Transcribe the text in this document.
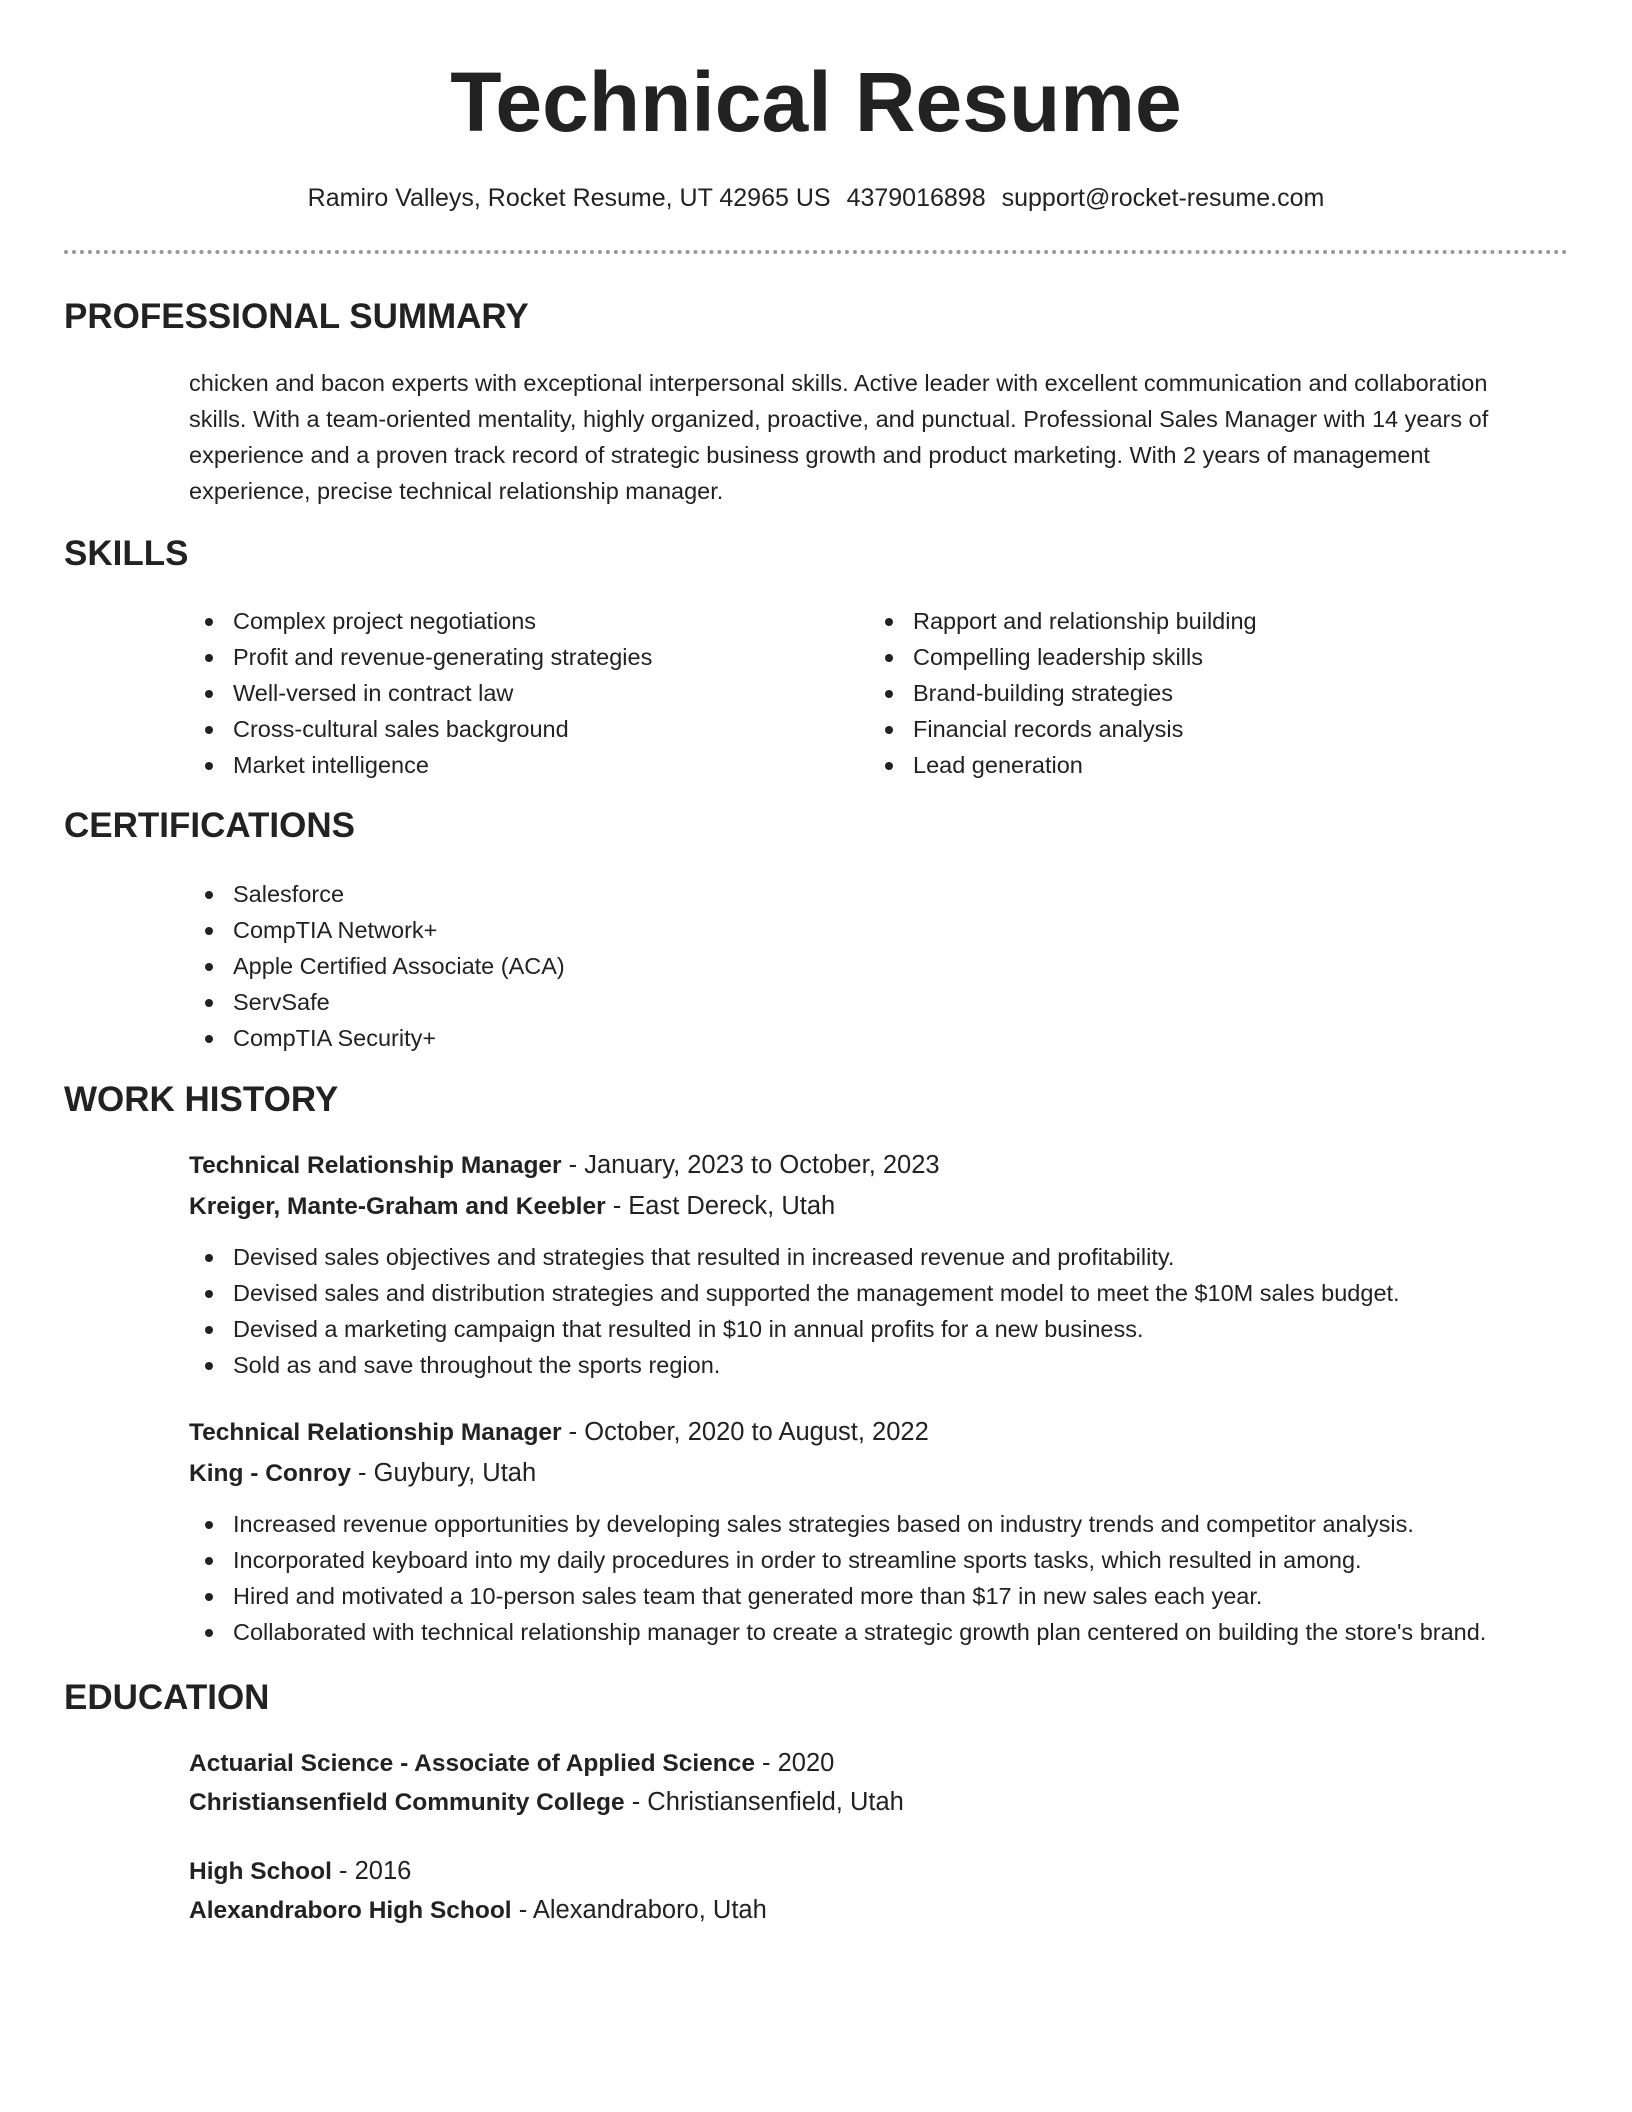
Technical Resume
Ramiro Valleys, Rocket Resume, UT 42965 US 4379016898 support@rocket-resume.com
PROFESSIONAL SUMMARY

chicken and bacon experts with exceptional interpersonal skills. Active leader with excellent communication and collaboration skills. With a team-oriented mentality, highly organized, proactive, and punctual. Professional Sales Manager with 14 years of experience and a proven track record of strategic business growth and product marketing. With 2 years of management experience, precise technical relationship manager.

SKILLS
Complex project negotiations
Profit and revenue-generating strategies
Well-versed in contract law
Cross-cultural sales background
Market intelligence
Rapport and relationship building
Compelling leadership skills
Brand-building strategies
Financial records analysis
Lead generation
CERTIFICATIONS
Salesforce
CompTIA Network+
Apple Certified Associate (ACA)
ServSafe
CompTIA Security+
WORK HISTORY
Technical Relationship Manager - January, 2023 to October, 2023
Kreiger, Mante-Graham and Keebler - East Dereck, Utah
Devised sales objectives and strategies that resulted in increased revenue and profitability.
Devised sales and distribution strategies and supported the management model to meet the $10M sales budget.
Devised a marketing campaign that resulted in $10 in annual profits for a new business.
Sold as and save throughout the sports region.
Technical Relationship Manager - October, 2020 to August, 2022
King - Conroy - Guybury, Utah
Increased revenue opportunities by developing sales strategies based on industry trends and competitor analysis.
Incorporated keyboard into my daily procedures in order to streamline sports tasks, which resulted in among.
Hired and motivated a 10-person sales team that generated more than $17 in new sales each year.
Collaborated with technical relationship manager to create a strategic growth plan centered on building the store's brand.
EDUCATION
Actuarial Science - Associate of Applied Science - 2020
Christiansenfield Community College - Christiansenfield, Utah
High School - 2016
Alexandraboro High School - Alexandraboro, Utah
